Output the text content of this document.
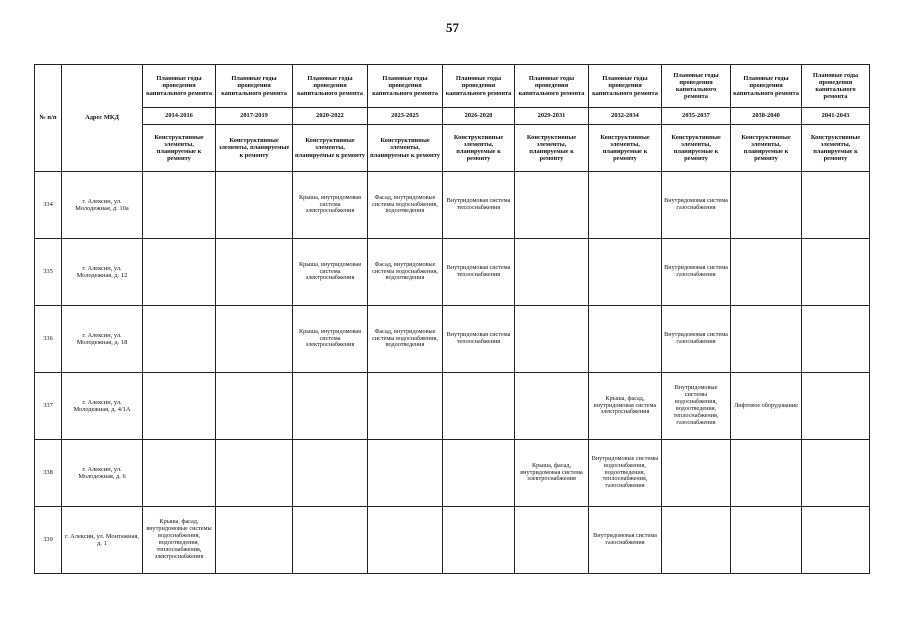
57
№ п/п	Адрес МКД	Плановые годы проведения капитального ремонта	Плановые годы проведения капитального ремонта	Плановые годы проведения капитального ремонта	Плановые годы проведения капитального ремонта	Плановые годы проведения капитального ремонта	Плановые годы проведения капитального ремонта	Плановые годы проведения капитального ремонта	Плановые годы проведения капитального ремонта	Плановые годы проведения капитального ремонта	Плановые годы проведения капитального ремонта
		2014-2016	2017-2019	2020-2022	2023-2025	2026-2028	2029-2031	2032-2034	2035-2037	2038-2040	2041-2043
		Конструктивные элементы, планируемые к ремонту	Конструктивные элементы, планируемые к ремонту	Конструктивные элементы, планируемые к ремонту	Конструктивные элементы, планируемые к ремонту	Конструктивные элементы, планируемые к ремонту	Конструктивные элементы, планируемые к ремонту	Конструктивные элементы, планируемые к ремонту	Конструктивные элементы, планируемые к ремонту	Конструктивные элементы, планируемые к ремонту	Конструктивные элементы, планируемые к ремонту
334	г. Алексин, ул. Молодежная, д. 10а			Крыша, внутридомовая система электроснабжения	Фасад, внутридомовые системы водоснабжения, водоотведения	Внутридомовая система теплоснабжения			Внутридомовая система газоснабжения		
335	г. Алексин, ул. Молодежная, д. 12			Крыша, внутридомовая система электроснабжения	Фасад, внутридомовые системы водоснабжения, водоотведения	Внутридомовая система теплоснабжения			Внутридомовая система газоснабжения		
336	г. Алексин, ул. Молодежная, д. 18			Крыша, внутридомовая система электроснабжения	Фасад, внутридомовые системы водоснабжения, водоотведения	Внутридомовая система теплоснабжения			Внутридомовая система газоснабжения		
337	г. Алексин, ул. Молодежная, д. 4/1А							Крыша, фасад, внутридомовая система электроснабжения	Внутридомовые системы водоснабжения, водоотведения, теплоснабжения, газоснабжения	Лифтовое оборудование	
338	г. Алексин, ул. Молодежная, д. 6						Крыша, фасад, внутридомовая система электроснабжения	Внутридомовые системы водоснабжения, водоотведения, теплоснабжения, газоснабжения			
339	г. Алексин, ул. Монтажная, д. 1	Крыша, фасад, внутридомовые системы водоснабжения, водоотведения, теплоснабжения, электроснабжения						Внутридомовая система газоснабжения			
